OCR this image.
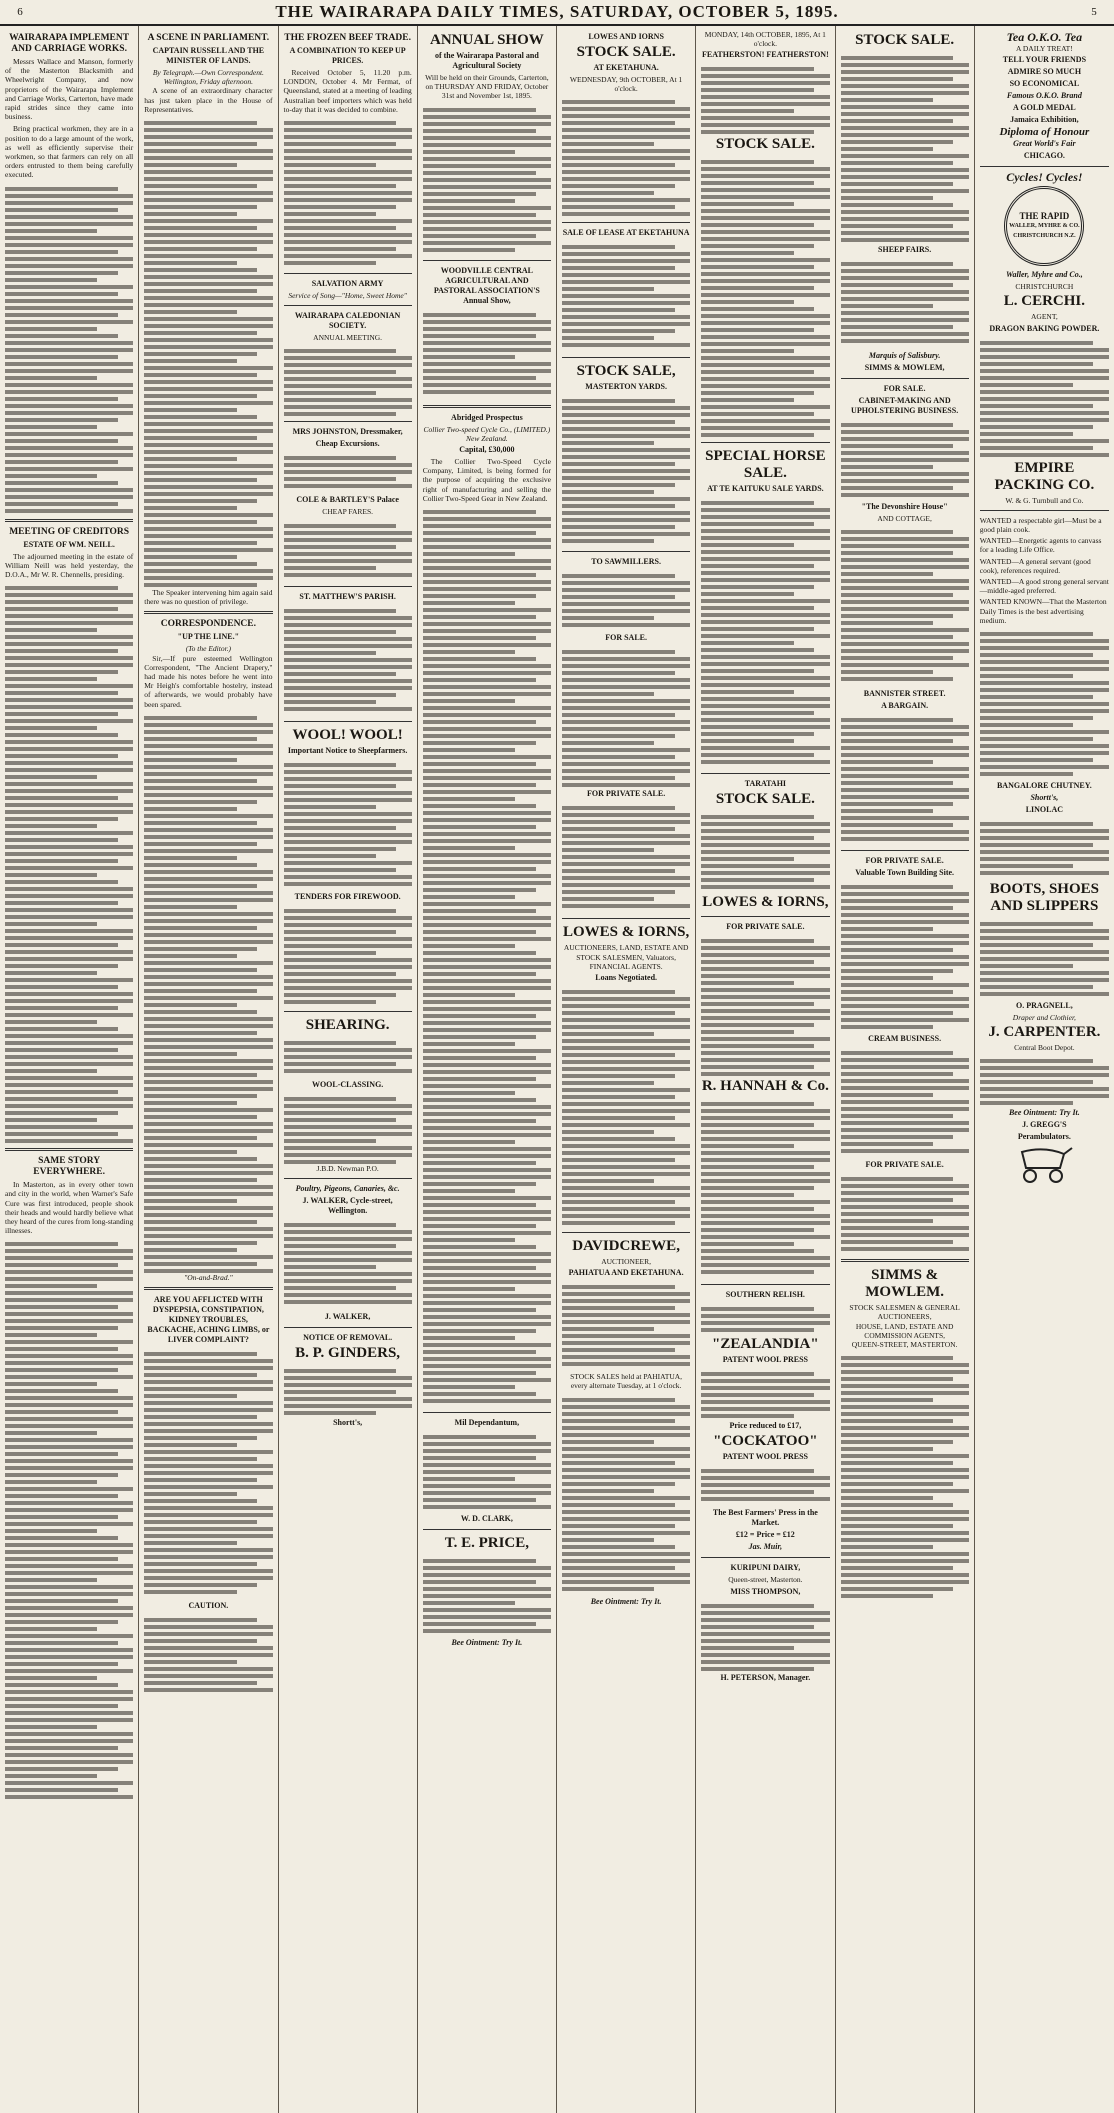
6	THE WAIRARAPA DAILY TIMES, SATURDAY, OCTOBER 5, 1895.	5
WAIRARAPA IMPLEMENT AND CARRIAGE WORKS.

Messrs Wallace and Manson, formerly of the Masterton Blacksmith and Wheelwright Company, and now proprietors of the Wairarapa Implement and Carriage Works, Carterton, have made rapid strides since they came into business.

Bring practical workmen, they are in a position to do a large amount of the work, as well as efficiently supervise their workmen, so that farmers can rely on all orders entrusted to them being carefully executed.

MEETING OF CREDITORS
ESTATE OF WM. NEILL.

The adjourned meeting in the estate of William Neill was held yesterday, the D.O.A., Mr W. R. Chennells, presiding.

SAME STORY EVERYWHERE.

In Masterton, as in every other town and city in the world, when Warner's Safe Cure was first introduced, people shook their heads and would hardly believe what they heard of the cures from long-standing illnesses.

A SCENE IN PARLIAMENT.
CAPTAIN RUSSELL AND THE MINISTER OF LANDS.
By Telegraph.—Own Correspondent.
Wellington, Friday afternoon.

A scene of an extraordinary character has just taken place in the House of Representatives.

The Speaker intervening him again said there was no question of privilege.

CORRESPONDENCE.
"UP THE LINE."
(To the Editor.)

Sir,—If pure esteemed Wellington Correspondent, "The Ancient Drapery," had made his notes before he went into Mr Heigh's comfortable hostelry, instead of afterwards, we would probably have been spared.

"On-and-Brad."
ARE YOU AFFLICTED WITH DYSPEPSIA, CONSTIPATION, KIDNEY TROUBLES, BACKACHE, ACHING LIMBS, or LIVER COMPLAINT?
CAUTION.
THE FROZEN BEEF TRADE.
A COMBINATION TO KEEP UP PRICES.

Received October 5, 11.20 p.m. LONDON, October 4. Mr Fermat, of Queensland, stated at a meeting of leading Australian beef importers which was held to-day that it was decided to combine.

SALVATION ARMY
Service of Song—"Home, Sweet Home"
WAIRARAPA CALEDONIAN SOCIETY.
ANNUAL MEETING.
MRS JOHNSTON, Dressmaker,
Cheap Excursions.
COLE & BARTLEY'S Palace
CHEAP FARES.
ST. MATTHEW'S PARISH.
WOOL! WOOL!
Important Notice to Sheepfarmers.
TENDERS FOR FIREWOOD.
SHEARING.
WOOL-CLASSING.
J.B.D. Newman P.O.
Poultry, Pigeons, Canaries, &c.
J. WALKER, Cycle-street, Wellington.
J. WALKER,
NOTICE OF REMOVAL.
B. P. GINDERS,
Shortt's,
ANNUAL SHOW
of the Wairarapa Pastoral and Agricultural Society
Will be held on their Grounds, Carterton, on THURSDAY AND FRIDAY, October 31st and November 1st, 1895.
WOODVILLE CENTRAL AGRICULTURAL AND PASTORAL ASSOCIATION'S Annual Show,
Abridged Prospectus
Collier Two-speed Cycle Co., (LIMITED.) New Zealand.
Capital, £30,000

The Collier Two-Speed Cycle Company, Limited, is being formed for the purpose of acquiring the exclusive right of manufacturing and selling the Collier Two-Speed Gear in New Zealand.

Mil Dependantum,
W. D. CLARK,
T. E. PRICE,
Bee Ointment: Try It.
LOWES AND IORNS
STOCK SALE.
AT EKETAHUNA.
WEDNESDAY, 9th OCTOBER, At 1 o'clock.
SALE OF LEASE AT EKETAHUNA
STOCK SALE,
MASTERTON YARDS.
TO SAWMILLERS.
FOR SALE.
FOR PRIVATE SALE.
LOWES & IORNS,
AUCTIONEERS, LAND, ESTATE AND STOCK SALESMEN, Valuators, FINANCIAL AGENTS.
Loans Negotiated.
DAVIDCREWE,
AUCTIONEER,
PAHIATUA AND EKETAHUNA.
STOCK SALES held at PAHIATUA, every alternate Tuesday, at 1 o'clock.
Bee Ointment: Try It.
MONDAY, 14th OCTOBER, 1895, At 1 o'clock.
FEATHERSTON! FEATHERSTON!
STOCK SALE.
SPECIAL HORSE SALE.
AT TE KAITUKU SALE YARDS.
TARATAHI
STOCK SALE.
LOWES & IORNS,
FOR PRIVATE SALE.
R. HANNAH & Co.
SOUTHERN RELISH.
"ZEALANDIA"
PATENT WOOL PRESS
Price reduced to £17,
"COCKATOO"
PATENT WOOL PRESS
The Best Farmers' Press in the Market.
£12 = Price = £12
Jas. Muir,
KURIPUNI DAIRY,
Queen-street, Masterton.
MISS THOMPSON,
H. PETERSON, Manager.
STOCK SALE.
SHEEP FAIRS.
Marquis of Salisbury.
SIMMS & MOWLEM,
FOR SALE.
CABINET-MAKING AND UPHOLSTERING BUSINESS.
"The Devonshire House"
AND COTTAGE,
BANNISTER STREET.
A BARGAIN.
FOR PRIVATE SALE.
Valuable Town Building Site.
CREAM BUSINESS.
FOR PRIVATE SALE.
SIMMS & MOWLEM.
STOCK SALESMEN & GENERAL AUCTIONEERS,
HOUSE, LAND, ESTATE AND COMMISSION AGENTS,
QUEEN-STREET, MASTERTON.
Tea O.K.O. Tea
A DAILY TREAT!
TELL YOUR FRIENDS
ADMIRE SO MUCH
SO ECONOMICAL
Famous O.K.O. Brand
A GOLD MEDAL
Jamaica Exhibition,
Diploma of Honour
Great World's Fair
CHICAGO.
Cycles! Cycles!
THE RAPID
WALLER, MYHRE & CO.
CHRISTCHURCH N.Z.
Waller, Myhre and Co.,
CHRISTCHURCH
L. CERCHI.
AGENT,
DRAGON BAKING POWDER.
EMPIRE PACKING CO.
W. & G. Turnbull and Co.
WANTED a respectable girl—Must be a good plain cook.
WANTED—Energetic agents to canvass for a leading Life Office.
WANTED—A general servant (good cook), references required.
WANTED—A good strong general servant—middle-aged preferred.
WANTED KNOWN—That the Masterton Daily Times is the best advertising medium.
BANGALORE CHUTNEY.
Shortt's,
LINOLAC
BOOTS, SHOES AND SLIPPERS
O. PRAGNELL,
Draper and Clothier,
J. CARPENTER.
Central Boot Depot.
Bee Ointment: Try It.
J. GREGG'S
Perambulators.
